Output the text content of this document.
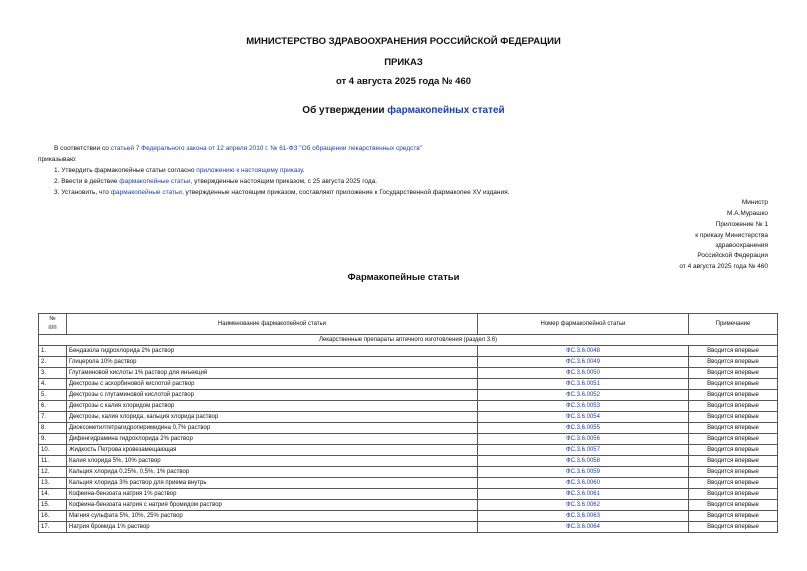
МИНИСТЕРСТВО ЗДРАВООХРАНЕНИЯ РОССИЙСКОЙ ФЕДЕРАЦИИ
ПРИКАЗ
от 4 августа 2025 года № 460
Об утверждении фармакопейных статей
В соответствии со статьей 7 Федерального закона от 12 апреля 2010 г. № 61-ФЗ "Об обращении лекарственных средств"
приказываю:
1. Утвердить фармакопейные статьи согласно приложению к настоящему приказу.
2. Ввести в действие фармакопейные статьи, утвержденные настоящим приказом, с 25 августа 2025 года.
3. Установить, что фармакопейные статьи, утвержденные настоящим приказом, составляют приложение к Государственной фармакопее XV издания.
Министр
М.А.Мурашко
Приложение № 1
к приказу Министерства
здравоохранения
Российской Федерации
от 4 августа 2025 года № 460
Фармакопейные статьи
№
п/п	Наименование фармакопейной статьи	Номер фармакопейной статьи	Примечание
Лекарственные препараты аптечного изготовления (раздел 3.6)			
1.	Бендазола гидрохлорида 2% раствор	ФС.3.6.0048	Вводится впервые
2.	Глицерола 10% раствор	ФС.3.6.0049	Вводится впервые
3.	Глутаминовой кислоты 1% раствор для инъекций	ФС.3.6.0050	Вводится впервые
4.	Декстрозы с аскорбиновой кислотой раствор	ФС.3.6.0051	Вводится впервые
5.	Декстрозы с глутаминовой кислотой раствор	ФС.3.6.0052	Вводится впервые
6.	Декстрозы с калия хлоридом раствор	ФС.3.6.0053	Вводится впервые
7.	Декстрозы, калия хлорида, кальция хлорида раствор	ФС.3.6.0054	Вводится впервые
8.	Диоксометилтетрагидропиримидина 0,7% раствор	ФС.3.6.0055	Вводится впервые
9.	Дифенгидрамина гидрохлорида 2% раствор	ФС.3.6.0056	Вводится впервые
10.	Жидкость Петрова кровезамещающая	ФС.3.6.0057	Вводится впервые
11.	Калия хлорида 5%, 10% раствор	ФС.3.6.0058	Вводится впервые
12.	Кальция хлорида 0,25%, 0,5%, 1% раствор	ФС.3.6.0059	Вводится впервые
13.	Кальция хлорида 3% раствор для приема внутрь	ФС.3.6.0060	Вводится впервые
14.	Кофеина-бензоата натрия 1% раствор	ФС.3.6.0061	Вводится впервые
15.	Кофеина-бензоата натрия с натрия бромидом раствор	ФС.3.6.0062	Вводится впервые
16.	Магния сульфата 5%, 10%, 25% раствор	ФС.3.6.0063	Вводится впервые
17.	Натрия бромида 1% раствор	ФС.3.6.0064	Вводится впервые
